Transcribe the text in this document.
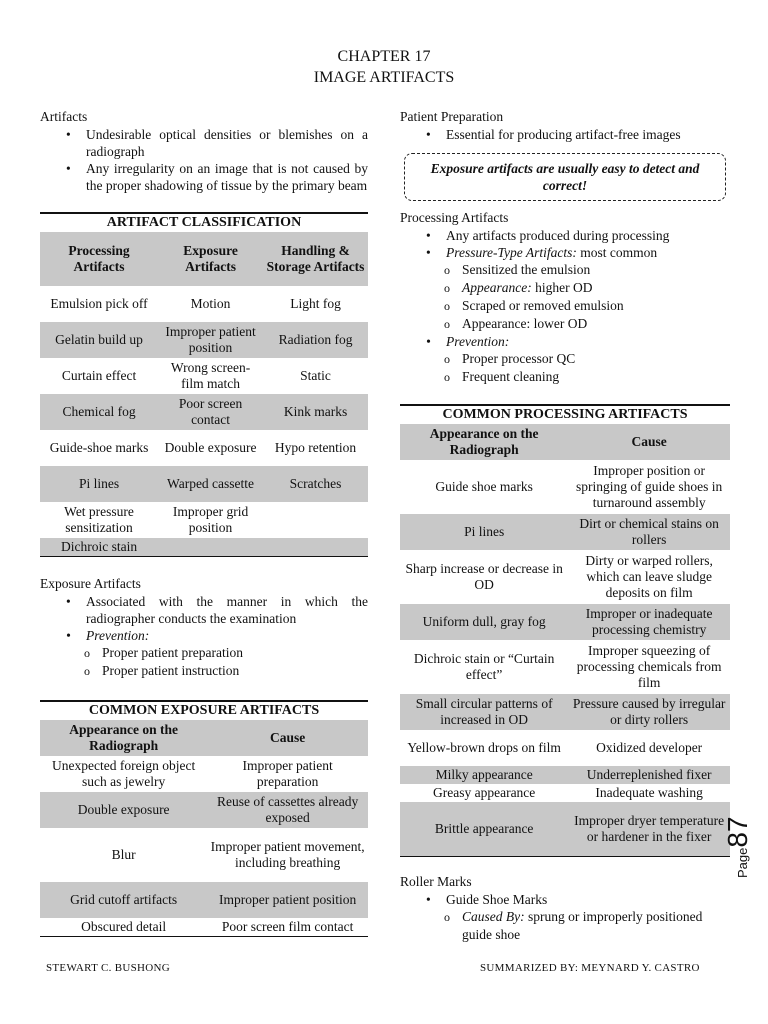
CHAPTER 17
IMAGE ARTIFACTS
Artifacts
• Undesirable optical densities or blemishes on a radiograph
• Any irregularity on an image that is not caused by the proper shadowing of tissue by the primary beam
ARTIFACT CLASSIFICATION
Processing Artifacts	Exposure Artifacts	Handling & Storage Artifacts
Emulsion pick off	Motion	Light fog
Gelatin build up	Improper patient position	Radiation fog
Curtain effect	Wrong screen-film match	Static
Chemical fog	Poor screen contact	Kink marks
Guide-shoe marks	Double exposure	Hypo retention
Pi lines	Warped cassette	Scratches
Wet pressure sensitization	Improper grid position	
Dichroic stain		
Exposure Artifacts
• Associated with the manner in which the radiographer conducts the examination
• Prevention:
o Proper patient preparation
o Proper patient instruction
COMMON EXPOSURE ARTIFACTS
Appearance on the Radiograph	Cause
Unexpected foreign object such as jewelry	Improper patient preparation
Double exposure	Reuse of cassettes already exposed
Blur	Improper patient movement, including breathing
Grid cutoff artifacts	Improper patient position
Obscured detail	Poor screen film contact
Patient Preparation
• Essential for producing artifact-free images
Exposure artifacts are usually easy to detect and correct!
Processing Artifacts
• Any artifacts produced during processing
• Pressure-Type Artifacts: most common
o Sensitized the emulsion
o Appearance: higher OD
o Scraped or removed emulsion
o Appearance: lower OD
• Prevention:
o Proper processor QC
o Frequent cleaning
COMMON PROCESSING ARTIFACTS
Appearance on the Radiograph	Cause
Guide shoe marks	Improper position or springing of guide shoes in turnaround assembly
Pi lines	Dirt or chemical stains on rollers
Sharp increase or decrease in OD	Dirty or warped rollers, which can leave sludge deposits on film
Uniform dull, gray fog	Improper or inadequate processing chemistry
Dichroic stain or “Curtain effect”	Improper squeezing of processing chemicals from film
Small circular patterns of increased in OD	Pressure caused by irregular or dirty rollers
Yellow-brown drops on film	Oxidized developer
Milky appearance	Underreplenished fixer
Greasy appearance	Inadequate washing
Brittle appearance	Improper dryer temperature or hardener in the fixer
Roller Marks
• Guide Shoe Marks
o Caused By: sprung or improperly positioned guide shoe
STEWART C. BUSHONG	SUMMARIZED BY: MEYNARD Y. CASTRO
Page
87
